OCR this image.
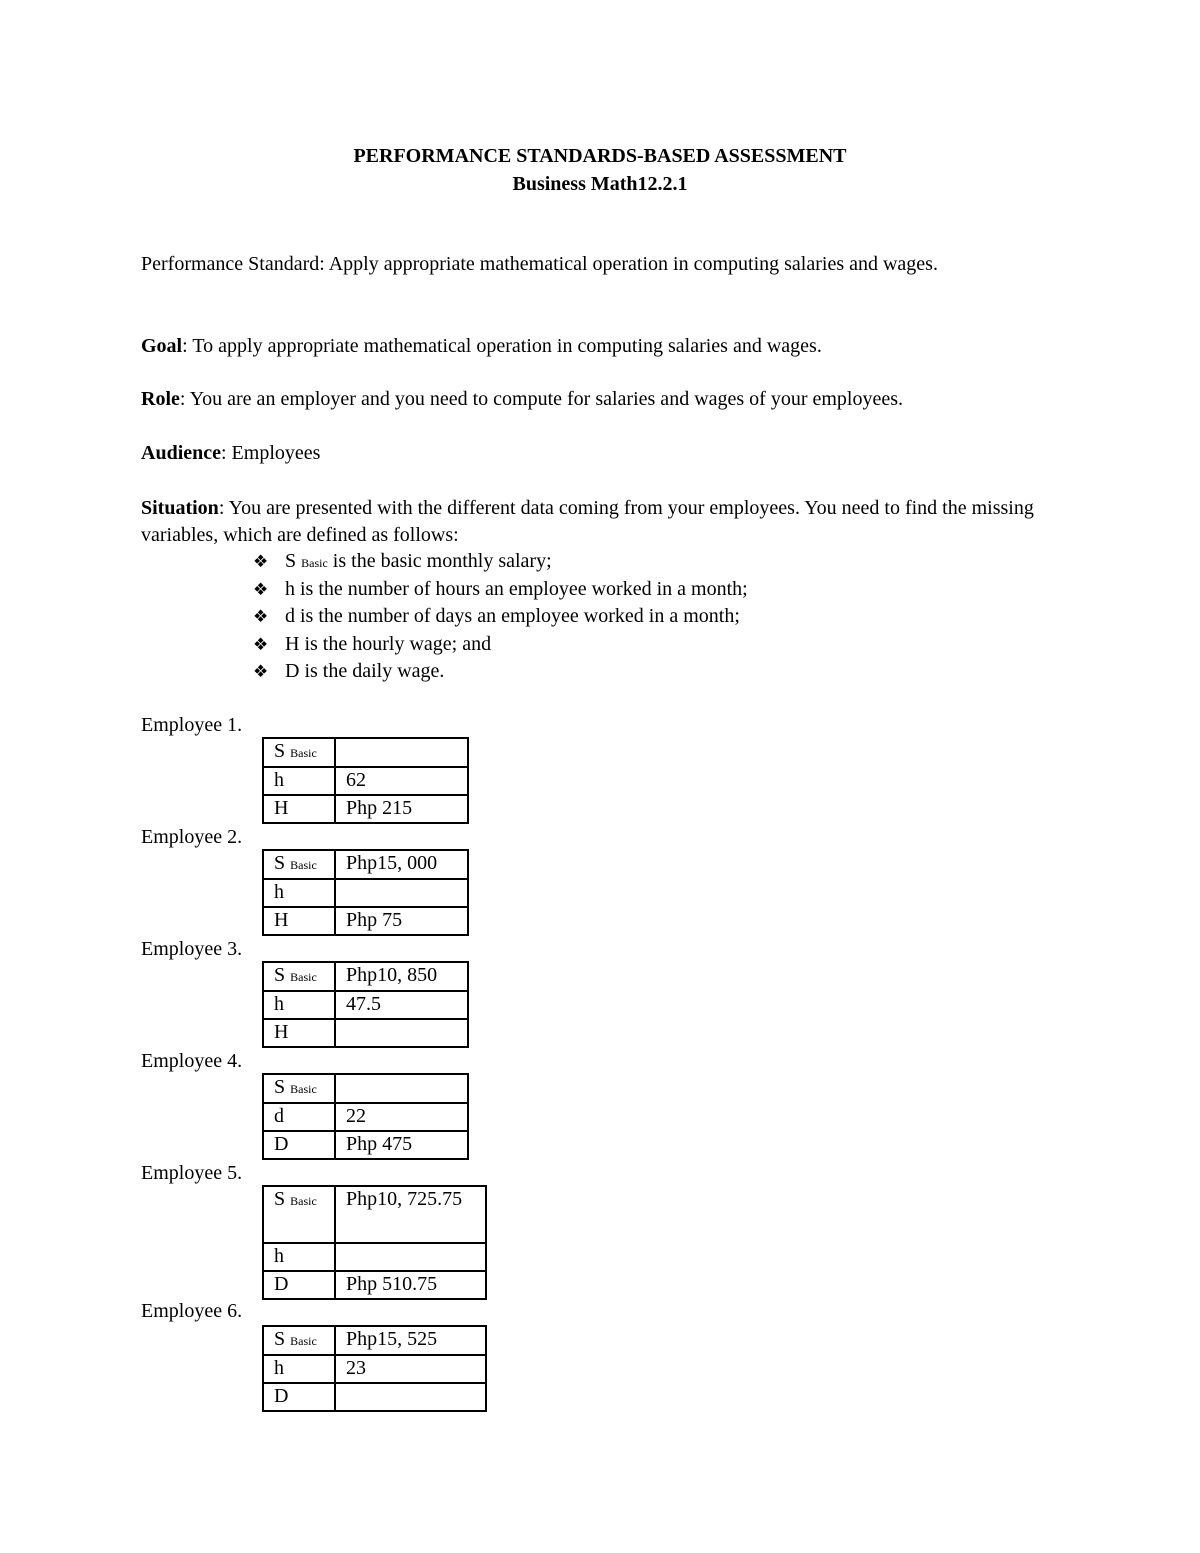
PERFORMANCE STANDARDS-BASED ASSESSMENT
Business Math12.2.1
Performance Standard: Apply appropriate mathematical operation in computing salaries and wages.
Goal: To apply appropriate mathematical operation in computing salaries and wages.
Role: You are an employer and you need to compute for salaries and wages of your employees.
Audience: Employees
Situation: You are presented with the different data coming from your employees. You need to find the missing variables, which are defined as follows:
❖ S Basic is the basic monthly salary;
❖ h is the number of hours an employee worked in a month;
❖ d is the number of days an employee worked in a month;
❖ H is the hourly wage; and
❖ D is the daily wage.
Employee 1.
S Basic	
h	62
H	Php 215
Employee 2.
S Basic	Php15, 000
h	
H	Php 75
Employee 3.
S Basic	Php10, 850
h	47.5
H	
Employee 4.
S Basic	
d	22
D	Php 475
Employee 5.
S Basic	Php10, 725.75
h	
D	Php 510.75
Employee 6.
S Basic	Php15, 525
h	23
D	
